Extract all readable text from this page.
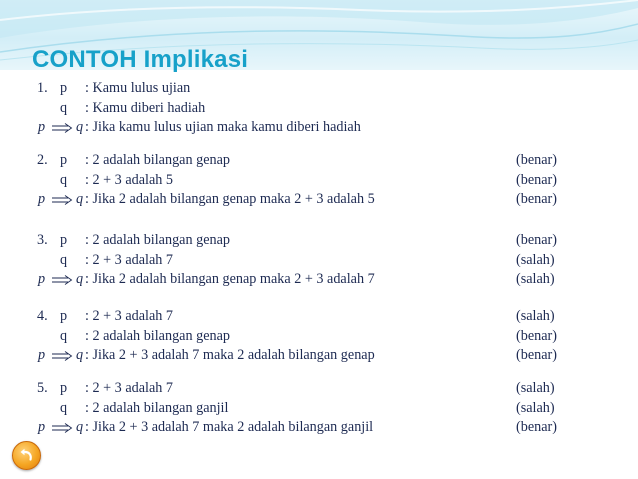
CONTOH Implikasi
1. p : Kamu lulus ujian
q : Kamu diberi hadiah
p q : Jika kamu lulus ujian maka kamu diberi hadiah
2. p : 2 adalah bilangan genap	(benar)
q : 2 + 3 adalah 5	(benar)
p q : Jika 2 adalah bilangan genap maka 2 + 3 adalah 5	(benar)
3. p : 2 adalah bilangan genap	(benar)
q : 2 + 3 adalah 7	(salah)
p q : Jika 2 adalah bilangan genap maka 2 + 3 adalah 7	(salah)
4. p : 2 + 3 adalah 7	(salah)
q : 2 adalah bilangan genap	(benar)
p q : Jika 2 + 3 adalah 7 maka 2 adalah bilangan genap	(benar)
5. p : 2 + 3 adalah 7	(salah)
q : 2 adalah bilangan ganjil	(salah)
p q : Jika 2 + 3 adalah 7 maka 2 adalah bilangan ganjil	(benar)
